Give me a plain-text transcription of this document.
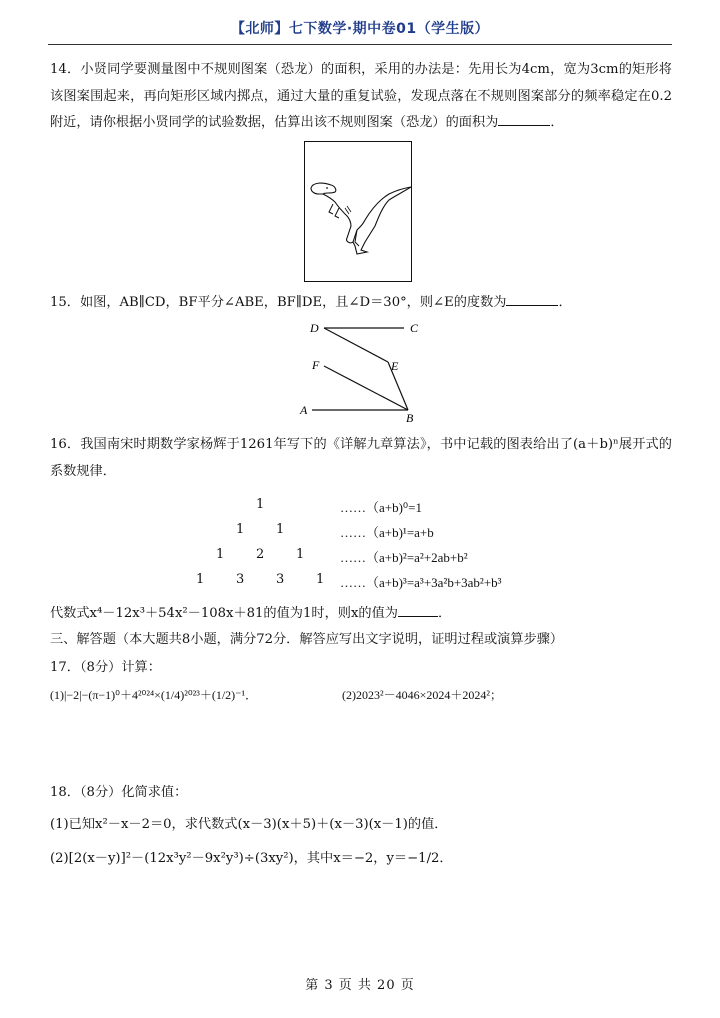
【北师】七下数学·期中卷01（学生版）
14．小贤同学要测量图中不规则图案（恐龙）的面积，采用的办法是：先用长为4cm，宽为3cm的矩形将该图案围起来，再向矩形区域内掷点，通过大量的重复试验，发现点落在不规则图案部分的频率稳定在0.2附近，请你根据小贤同学的试验数据，估算出该不规则图案（恐龙）的面积为	．
15．如图，AB∥CD，BF平分∠ABE，BF∥DE，且∠D＝30°，则∠E的度数为	．
D	C
F	E
A
B
16．我国南宋时期数学家杨辉于1261年写下的《详解九章算法》，书中记载的图表给出了(a＋b)ⁿ展开式的系数规律．
1	……（a+b)⁰=1
1 1	……（a+b)¹=a+b
1 2 1	……（a+b)²=a²+2ab+b²
1 3 3 1 ……（a+b)³=a³+3a²b+3ab²+b³
代数式x⁴－12x³＋54x²－108x＋81的值为1时，则x的值为	．
三、解答题（本大题共8小题，满分72分．解答应写出文字说明，证明过程或演算步骤）
17．（8分）计算：
(1)|−2|−(π−1)⁰＋4²⁰²⁴×(1/4)²⁰²³＋(1/2)⁻¹．	(2)2023²－4046×2024＋2024²；
18．（8分）化简求值：
(1)已知x²－x－2＝0，求代数式(x－3)(x＋5)＋(x－3)(x－1)的值．
(2)[2(x－y)]²－(12x³y²－9x²y³)÷(3xy²)，其中x＝−2，y＝−1/2．
第 3 页 共 20 页
